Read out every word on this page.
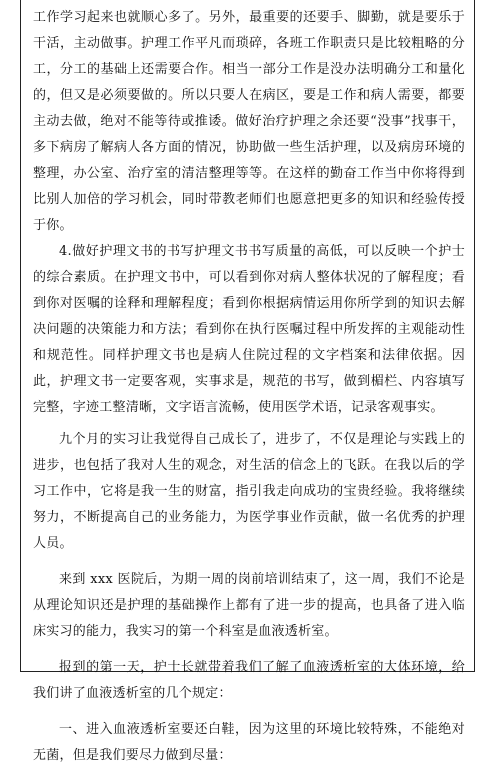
工作学习起来也就顺心多了。另外，最重要的还要手、脚勤，就是要乐于干活，主动做事。护理工作平凡而琐碎，各班工作职责只是比较粗略的分工，分工的基础上还需要合作。相当一部分工作是没办法明确分工和量化的，但又是必须要做的。所以只要人在病区，要是工作和病人需要，都要主动去做，绝对不能等待或推诿。做好治疗护理之余还要“没事”找事干，多下病房了解病人各方面的情况，协助做一些生活护理，以及病房环境的整理，办公室、治疗室的清洁整理等等。在这样的勤奋工作当中你将得到比别人加倍的学习机会，同时带教老师们也愿意把更多的知识和经验传授于你。

4.做好护理文书的书写护理文书书写质量的高低，可以反映一个护士的综合素质。在护理文书中，可以看到你对病人整体状况的了解程度；看到你对医嘱的诠释和理解程度；看到你根据病情运用你所学到的知识去解决问题的决策能力和方法；看到你在执行医嘱过程中所发挥的主观能动性和规范性。同样护理文书也是病人住院过程的文字档案和法律依据。因此，护理文书一定要客观，实事求是，规范的书写，做到楣栏、内容填写完整，字迹工整清晰，文字语言流畅，使用医学术语，记录客观事实。

九个月的实习让我觉得自己成长了，进步了，不仅是理论与实践上的进步，也包括了我对人生的观念，对生活的信念上的飞跃。在我以后的学习工作中，它将是我一生的财富，指引我走向成功的宝贵经验。我将继续努力，不断提高自己的业务能力，为医学事业作贡献，做一名优秀的护理人员。

来到 xxx 医院后，为期一周的岗前培训结束了，这一周，我们不论是从理论知识还是护理的基础操作上都有了进一步的提高，也具备了进入临床实习的能力，我实习的第一个科室是血液透析室。

报到的第一天，护士长就带着我们了解了血液透析室的大体环境，给我们讲了血液透析室的几个规定：

一、进入血液透析室要还白鞋，因为这里的环境比较特殊，不能绝对无菌，但是我们要尽力做到尽量：
